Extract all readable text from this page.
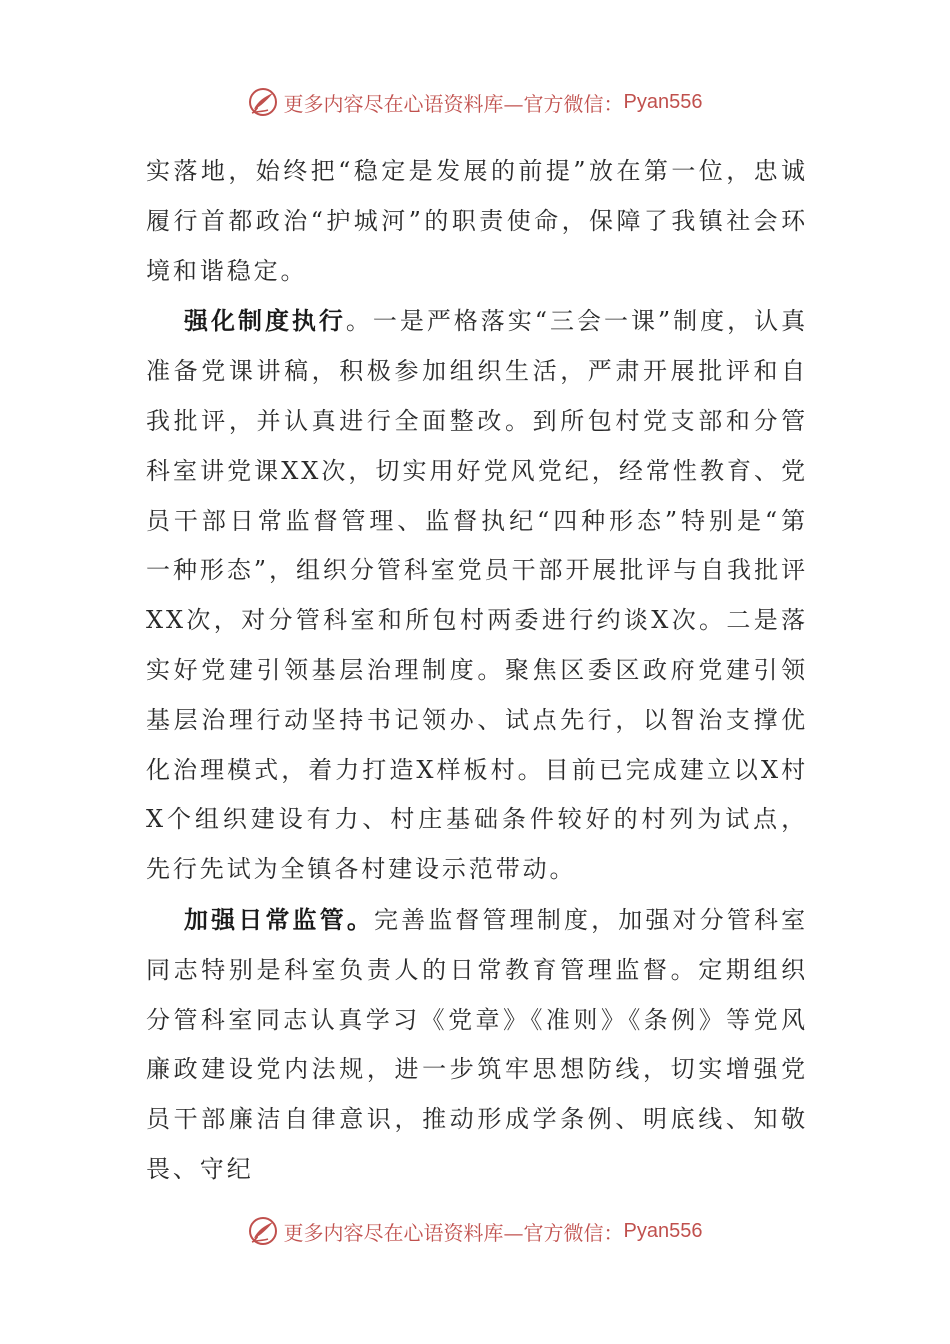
更多内容尽在心语资料库—官方微信： Pyan556

实落地，始终把“稳定是发展的前提”放在第一位，忠诚履行首都政治“护城河”的职责使命，保障了我镇社会环境和谐稳定。

强化制度执行。一是严格落实“三会一课”制度，认真准备党课讲稿，积极参加组织生活，严肃开展批评和自我批评，并认真进行全面整改。到所包村党支部和分管科室讲党课XX次，切实用好党风党纪，经常性教育、党员干部日常监督管理、监督执纪“四种形态”特别是“第一种形态”，组织分管科室党员干部开展批评与自我批评XX次，对分管科室和所包村两委进行约谈X次。二是落实好党建引领基层治理制度。聚焦区委区政府党建引领基层治理行动坚持书记领办、试点先行，以智治支撑优化治理模式，着力打造X样板村。目前已完成建立以X村X个组织建设有力、村庄基础条件较好的村列为试点，先行先试为全镇各村建设示范带动。

加强日常监管。完善监督管理制度，加强对分管科室同志特别是科室负责人的日常教育管理监督。定期组织分管科室同志认真学习《党章》《准则》《条例》等党风廉政建设党内法规，进一步筑牢思想防线，切实增强党员干部廉洁自律意识，推动形成学条例、明底线、知敬畏、守纪

更多内容尽在心语资料库—官方微信： Pyan556
